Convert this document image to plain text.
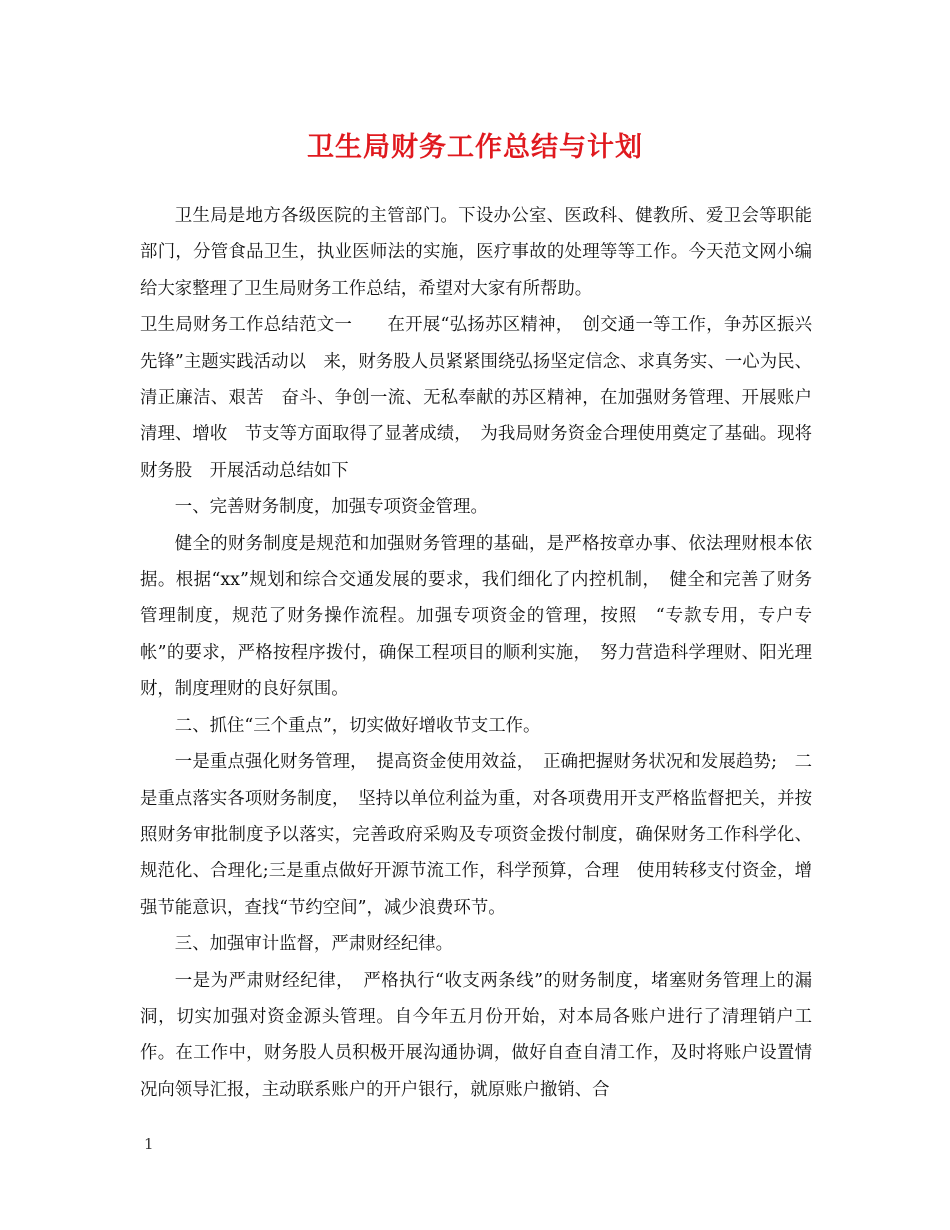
卫生局财务工作总结与计划

卫生局是地方各级医院的主管部门。下设办公室、医政科、健教所、爱卫会等职能部门，分管食品卫生，执业医师法的实施，医疗事故的处理等等工作。今天范文网小编给大家整理了卫生局财务工作总结，希望对大家有所帮助。

卫生局财务工作总结范文一　　在开展“弘扬苏区精神，　创交通一等工作，争苏区振兴先锋”主题实践活动以　来，财务股人员紧紧围绕弘扬坚定信念、求真务实、一心为民、清正廉洁、艰苦　奋斗、争创一流、无私奉献的苏区精神，在加强财务管理、开展账户清理、增收　节支等方面取得了显著成绩，　为我局财务资金合理使用奠定了基础。现将财务股　开展活动总结如下

一、完善财务制度，加强专项资金管理。

健全的财务制度是规范和加强财务管理的基础，是严格按章办事、依法理财根本依据。根据“xx”规划和综合交通发展的要求，我们细化了内控机制，　健全和完善了财务管理制度，规范了财务操作流程。加强专项资金的管理，按照　“专款专用，专户专帐”的要求，严格按程序拨付，确保工程项目的顺利实施，　努力营造科学理财、阳光理财，制度理财的良好氛围。

二、抓住“三个重点”，切实做好增收节支工作。

一是重点强化财务管理，　提高资金使用效益，　正确把握财务状况和发展趋势;　二是重点落实各项财务制度，　坚持以单位利益为重，对各项费用开支严格监督把关，并按照财务审批制度予以落实，完善政府采购及专项资金拨付制度，确保财务工作科学化、规范化、合理化;三是重点做好开源节流工作，科学预算，合理　使用转移支付资金，增强节能意识，查找“节约空间”，减少浪费环节。

三、加强审计监督，严肃财经纪律。

一是为严肃财经纪律，　严格执行“收支两条线”的财务制度，堵塞财务管理上的漏洞，切实加强对资金源头管理。自今年五月份开始，对本局各账户进行了清理销户工作。在工作中，财务股人员积极开展沟通协调，做好自查自清工作，及时将账户设置情况向领导汇报，主动联系账户的开户银行，就原账户撤销、合

1
